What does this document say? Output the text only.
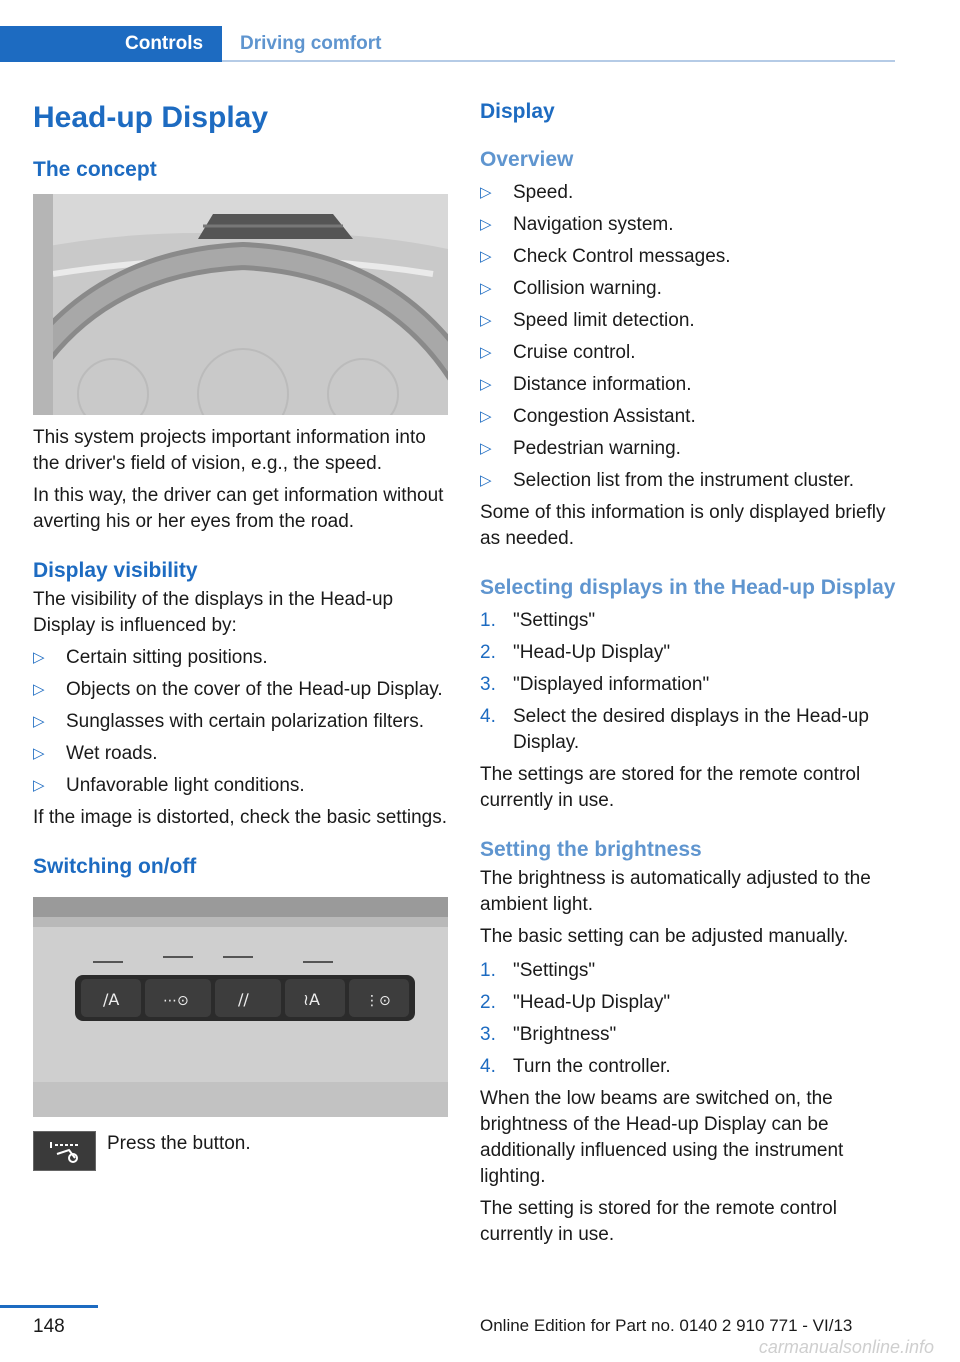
Controls	Driving comfort
Head-up Display
The concept

This system projects important information into the driver's field of vision, e.g., the speed.

In this way, the driver can get information without averting his or her eyes from the road.

Display visibility

The visibility of the displays in the Head-up Display is influenced by:

▷ Certain sitting positions.
▷ Objects on the cover of the Head-up Display.
▷ Sunglasses with certain polarization filters.
▷ Wet roads.
▷ Unfavorable light conditions.

If the image is distorted, check the basic settings.

Switching on/off
/A	⋯⊙	∕∕	≀A	⋮⊙

Press the button.

Display
Overview
▷ Speed.
▷ Navigation system.
▷ Check Control messages.
▷ Collision warning.
▷ Speed limit detection.
▷ Cruise control.
▷ Distance information.
▷ Congestion Assistant.
▷ Pedestrian warning.
▷ Selection list from the instrument cluster.

Some of this information is only displayed briefly as needed.

Selecting displays in the Head-up Display
1. "Settings"
2. "Head-Up Display"
3. "Displayed information"
4. Select the desired displays in the Head-up Display.

The settings are stored for the remote control currently in use.

Setting the brightness

The brightness is automatically adjusted to the ambient light.

The basic setting can be adjusted manually.

1. "Settings"
2. "Head-Up Display"
3. "Brightness"
4. Turn the controller.

When the low beams are switched on, the brightness of the Head-up Display can be additionally influenced using the instrument lighting.

The setting is stored for the remote control currently in use.

148	Online Edition for Part no. 0140 2 910 771 - VI/13
carmanualsonline.info
